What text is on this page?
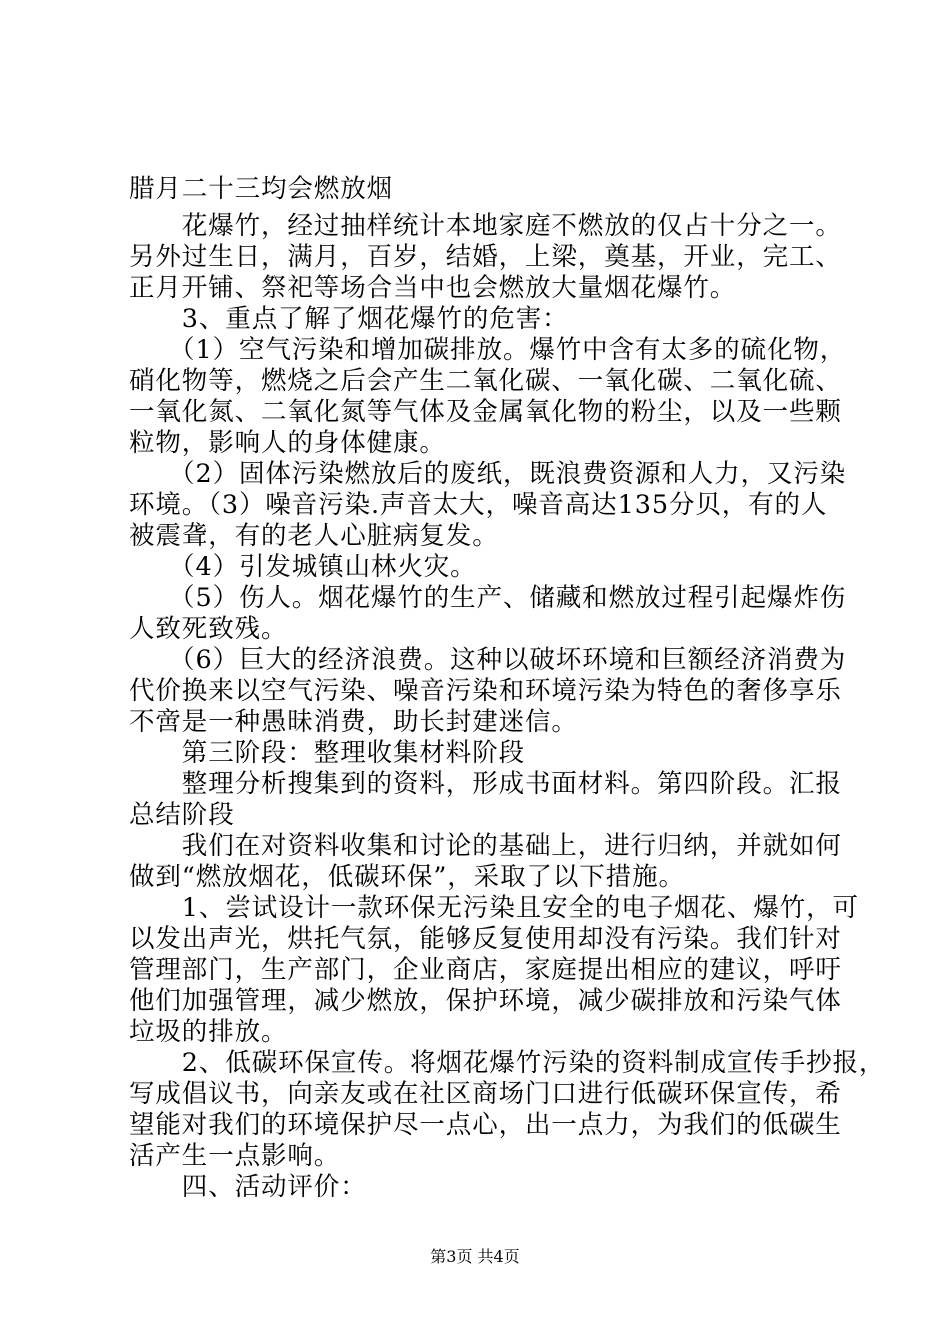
腊月二十三均会燃放烟
　　花爆竹，经过抽样统计本地家庭不燃放的仅占十分之一。
另外过生日，满月，百岁，结婚，上梁，奠基，开业，完工、
正月开铺、祭祀等场合当中也会燃放大量烟花爆竹。
　　3、重点了解了烟花爆竹的危害：
　　（1）空气污染和增加碳排放。爆竹中含有太多的硫化物，
硝化物等，燃烧之后会产生二氧化碳、一氧化碳、二氧化硫、
一氧化氮、二氧化氮等气体及金属氧化物的粉尘，以及一些颗
粒物，影响人的身体健康。
　　（2）固体污染燃放后的废纸，既浪费资源和人力，又污染
环境。（3）噪音污染.声音太大，噪音高达135分贝，有的人
被震聋，有的老人心脏病复发。
　　（4）引发城镇山林火灾。
　　（5）伤人。烟花爆竹的生产、储藏和燃放过程引起爆炸伤
人致死致残。
　　（6）巨大的经济浪费。这种以破坏环境和巨额经济消费为
代价换来以空气污染、噪音污染和环境污染为特色的奢侈享乐
不啻是一种愚昧消费，助长封建迷信。
　　第三阶段：整理收集材料阶段
　　整理分析搜集到的资料，形成书面材料。第四阶段。汇报
总结阶段
　　我们在对资料收集和讨论的基础上，进行归纳，并就如何
做到“燃放烟花，低碳环保”，采取了以下措施。
　　1、尝试设计一款环保无污染且安全的电子烟花、爆竹，可
以发出声光，烘托气氛，能够反复使用却没有污染。我们针对
管理部门，生产部门，企业商店，家庭提出相应的建议，呼吁
他们加强管理，减少燃放，保护环境，减少碳排放和污染气体
垃圾的排放。
　　2、低碳环保宣传。将烟花爆竹污染的资料制成宣传手抄报，
写成倡议书，向亲友或在社区商场门口进行低碳环保宣传，希
望能对我们的环境保护尽一点心，出一点力，为我们的低碳生
活产生一点影响。
　　四、活动评价：
第3页 共4页
